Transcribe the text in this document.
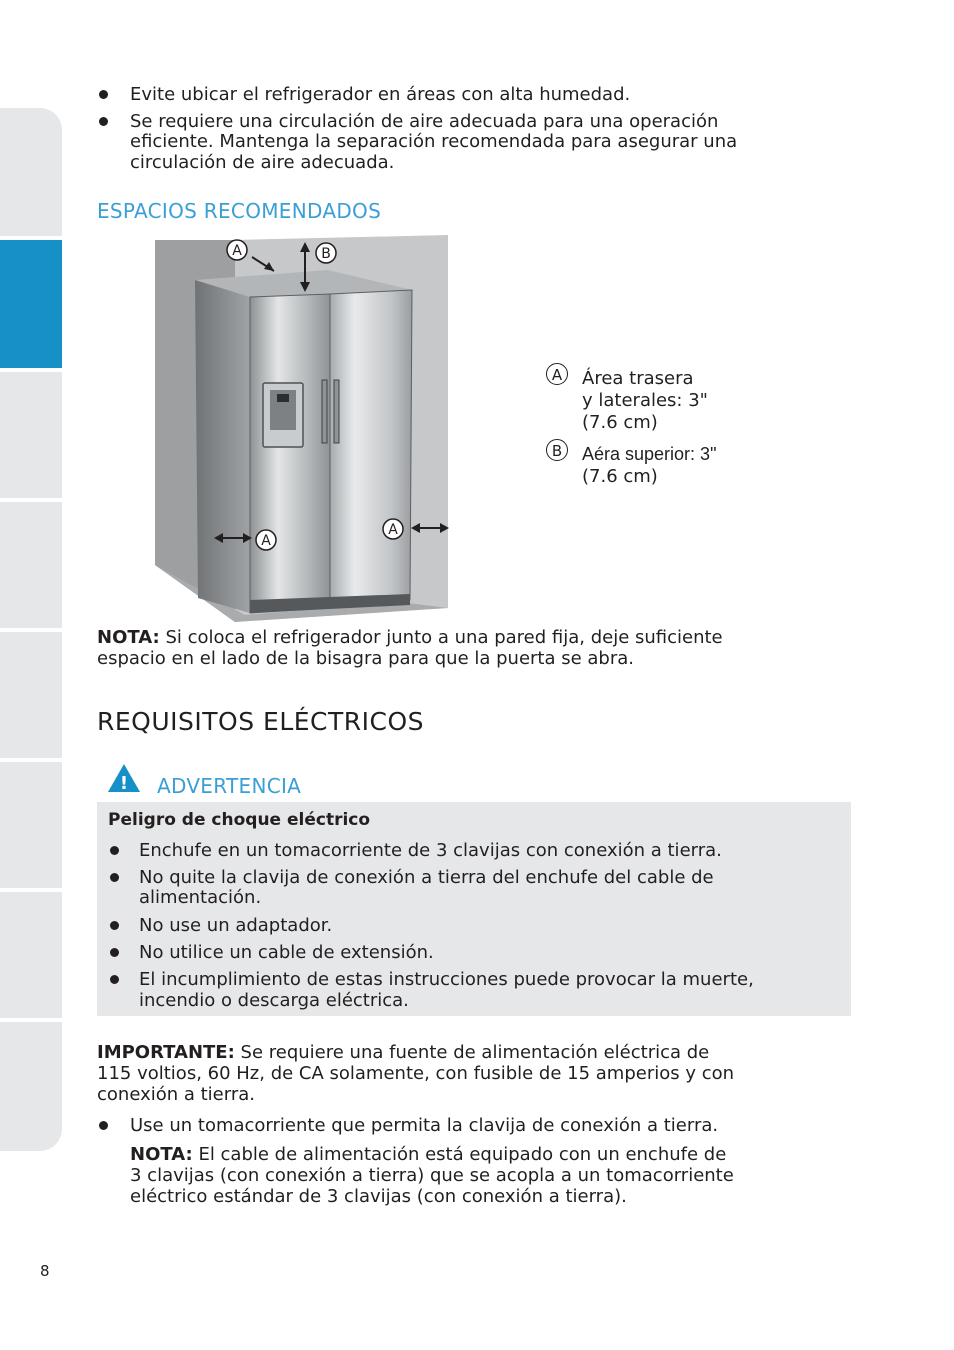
Evite ubicar el refrigerador en áreas con alta humedad.
Se requiere una circulación de aire adecuada para una operación
eficiente. Mantenga la separación recomendada para asegurar una
circulación de aire adecuada.
ESPACIOS RECOMENDADOS
A	B
A
A
A	Área trasera
y laterales: 3"
(7.6 cm)
B	Aéra superior: 3"
(7.6 cm)
NOTA: Si coloca el refrigerador junto a una pared fija, deje suficiente
espacio en el lado de la bisagra para que la puerta se abra.
REQUISITOS ELÉCTRICOS
! ADVERTENCIA
Peligro de choque eléctrico
Enchufe en un tomacorriente de 3 clavijas con conexión a tierra.
No quite la clavija de conexión a tierra del enchufe del cable de
alimentación.
No use un adaptador.
No utilice un cable de extensión.
El incumplimiento de estas instrucciones puede provocar la muerte,
incendio o descarga eléctrica.
IMPORTANTE: Se requiere una fuente de alimentación eléctrica de
115 voltios, 60 Hz, de CA solamente, con fusible de 15 amperios y con
conexión a tierra.
Use un tomacorriente que permita la clavija de conexión a tierra.
NOTA: El cable de alimentación está equipado con un enchufe de
3 clavijas (con conexión a tierra) que se acopla a un tomacorriente
eléctrico estándar de 3 clavijas (con conexión a tierra).
8
